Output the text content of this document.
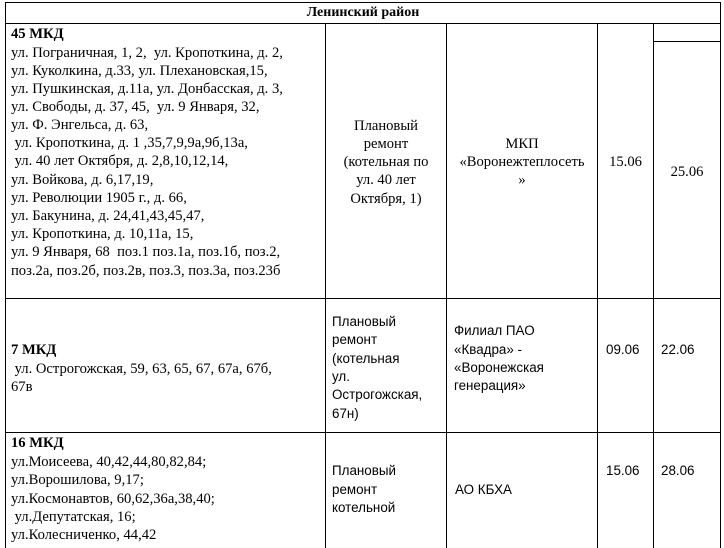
Ленинский район
45 МКД
ул. Пограничная, 1, 2,  ул. Кропоткина, д. 2,
ул. Куколкина, д.33, ул. Плехановская,15,
ул. Пушкинская, д.11а, ул. Донбасская, д. 3,
ул. Свободы, д. 37, 45,  ул. 9 Января, 32,
ул. Ф. Энгельса, д. 63,
ул. Кропоткина, д. 1 ,35,7,9,9а,9б,13а,
ул. 40 лет Октября, д. 2,8,10,12,14,
ул. Войкова, д. 6,17,19,
ул. Революции 1905 г., д. 66,
ул. Бакунина, д. 24,41,43,45,47,
ул. Кропоткина, д. 10,11а, 15,
ул. 9 Января, 68  поз.1 поз.1а, поз.1б, поз.2,
поз.2а, поз.2б, поз.2в, поз.3, поз.3а, поз.23б
Плановый
ремонт
(котельная по
ул. 40 лет
Октября, 1)
МКП
«Воронежтеплосеть
»
15.06
25.06
7 МКД
ул. Острогожская, 59, 63, 65, 67, 67а, 67б,
67в
Плановый
ремонт
(котельная
ул.
Острогожская,
67н)
Филиал ПАО
«Квадра» -
«Воронежская
генерация»
09.06 22.06
16 МКД
ул.Моисеева, 40,42,44,80,82,84;
ул.Ворошилова, 9,17;
ул.Космонавтов, 60,62,36а,38,40;
ул.Депутатская, 16;
ул.Колесниченко, 44,42
Плановый
ремонт
котельной
АО КБХА
15.06 28.06
